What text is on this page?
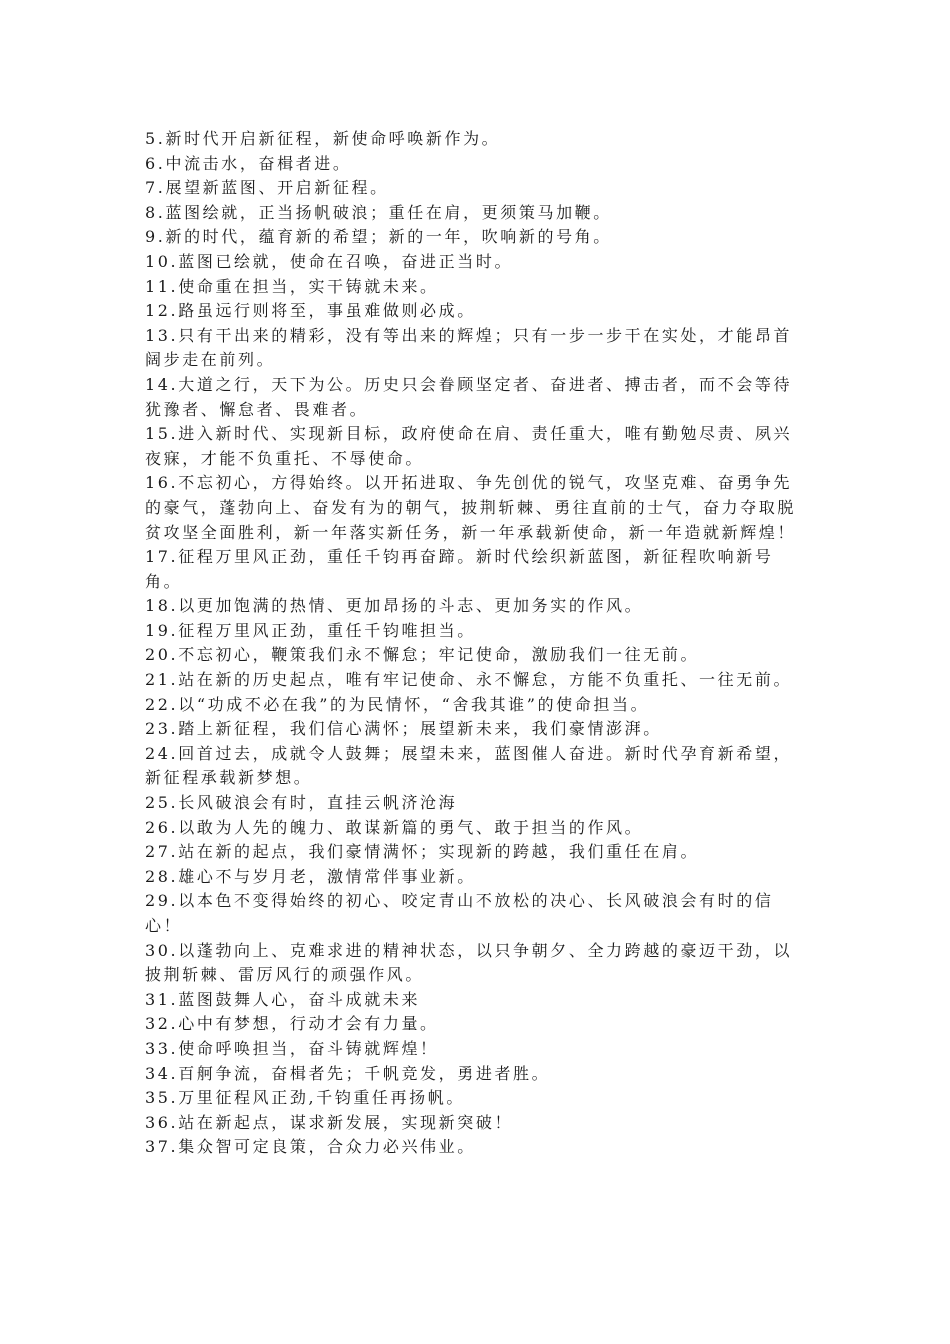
5.新时代开启新征程，新使命呼唤新作为。

6.中流击水，奋楫者进。

7.展望新蓝图、开启新征程。

8.蓝图绘就，正当扬帆破浪；重任在肩，更须策马加鞭。

9.新的时代，蕴育新的希望；新的一年，吹响新的号角。

10.蓝图已绘就，使命在召唤，奋进正当时。

11.使命重在担当，实干铸就未来。

12.路虽远行则将至，事虽难做则必成。

13.只有干出来的精彩，没有等出来的辉煌；只有一步一步干在实处，才能昂首阔步走在前列。

14.大道之行，天下为公。历史只会眷顾坚定者、奋进者、搏击者，而不会等待犹豫者、懈怠者、畏难者。

15.进入新时代、实现新目标，政府使命在肩、责任重大，唯有勤勉尽责、夙兴夜寐，才能不负重托、不辱使命。

16.不忘初心，方得始终。以开拓进取、争先创优的锐气，攻坚克难、奋勇争先的豪气，蓬勃向上、奋发有为的朝气，披荆斩棘、勇往直前的士气，奋力夺取脱贫攻坚全面胜利，新一年落实新任务，新一年承载新使命，新一年造就新辉煌！

17.征程万里风正劲，重任千钧再奋蹄。新时代绘织新蓝图，新征程吹响新号角。

18.以更加饱满的热情、更加昂扬的斗志、更加务实的作风。

19.征程万里风正劲，重任千钧唯担当。

20.不忘初心，鞭策我们永不懈怠；牢记使命，激励我们一往无前。

21.站在新的历史起点，唯有牢记使命、永不懈怠，方能不负重托、一往无前。

22.以“功成不必在我”的为民情怀，“舍我其谁”的使命担当。

23.踏上新征程，我们信心满怀；展望新未来，我们豪情澎湃。

24.回首过去，成就令人鼓舞；展望未来，蓝图催人奋进。新时代孕育新希望，新征程承载新梦想。

25.长风破浪会有时，直挂云帆济沧海

26.以敢为人先的魄力、敢谋新篇的勇气、敢于担当的作风。

27.站在新的起点，我们豪情满怀；实现新的跨越，我们重任在肩。

28.雄心不与岁月老，激情常伴事业新。

29.以本色不变得始终的初心、咬定青山不放松的决心、长风破浪会有时的信心！

30.以蓬勃向上、克难求进的精神状态，以只争朝夕、全力跨越的豪迈干劲，以披荆斩棘、雷厉风行的顽强作风。

31.蓝图鼓舞人心，奋斗成就未来

32.心中有梦想，行动才会有力量。

33.使命呼唤担当，奋斗铸就辉煌！

34.百舸争流，奋楫者先；千帆竞发，勇进者胜。

35.万里征程风正劲,千钧重任再扬帆。

36.站在新起点，谋求新发展，实现新突破！

37.集众智可定良策，合众力必兴伟业。
